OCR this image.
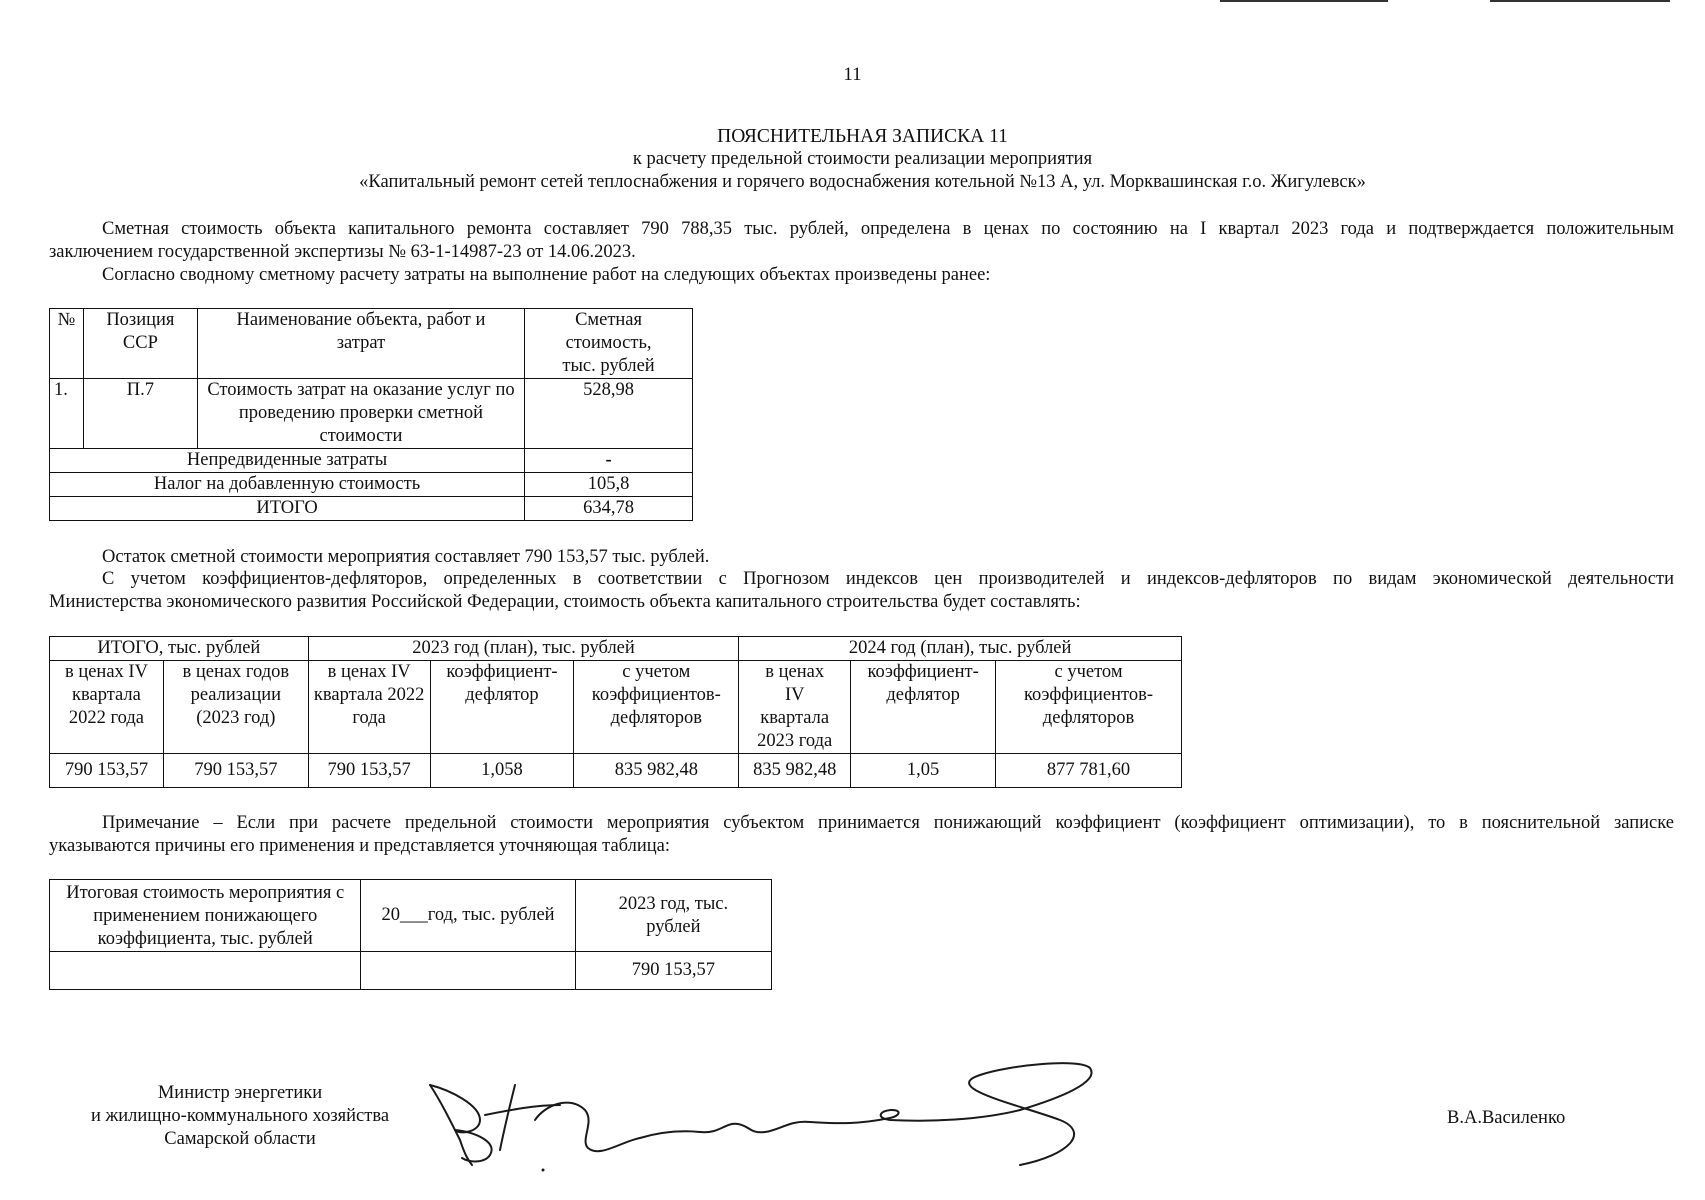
11
ПОЯСНИТЕЛЬНАЯ ЗАПИСКА 11
к расчету предельной стоимости реализации мероприятия
«Капитальный ремонт сетей теплоснабжения и горячего водоснабжения котельной №13 А, ул. Морквашинская г.о. Жигулевск»
Сметная стоимость объекта капитального ремонта составляет 790 788,35 тыс. рублей, определена в ценах по состоянию на I квартал 2023 года и подтверждается положительным
заключением государственной экспертизы № 63-1-14987-23 от 14.06.2023.
Согласно сводному сметному расчету затраты на выполнение работ на следующих объектах произведены ранее:
№	Позиция ССР	Наименование объекта, работ и затрат	Сметная стоимость, тыс. рублей
1.	П.7	Стоимость затрат на оказание услуг по проведению проверки сметной стоимости	528,98
Непредвиденные затраты			-
Налог на добавленную стоимость			105,8
ИТОГО			634,78
Остаток сметной стоимости мероприятия составляет 790 153,57 тыс. рублей.
С учетом коэффициентов-дефляторов, определенных в соответствии с Прогнозом индексов цен производителей и индексов-дефляторов по видам экономической деятельности
Министерства экономического развития Российской Федерации, стоимость объекта капитального строительства будет составлять:
ИТОГО, тыс. рублей		2023 год (план), тыс. рублей			2024 год (план), тыс. рублей		
в ценах IV квартала 2022 года	в ценах годов реализации (2023 год)	в ценах IV квартала 2022 года	коэффициент-дефлятор	с учетом коэффициентов-дефляторов	в ценах IV квартала 2023 года	коэффициент-дефлятор	с учетом коэффициентов-дефляторов
790 153,57	790 153,57	790 153,57	1,058	835 982,48	835 982,48	1,05	877 781,60
Примечание – Если при расчете предельной стоимости мероприятия субъектом принимается понижающий коэффициент (коэффициент оптимизации), то в пояснительной записке
указываются причины его применения и представляется уточняющая таблица:
Итоговая стоимость мероприятия с применением понижающего коэффициента, тыс. рублей	20___год, тыс. рублей	2023 год, тыс. рублей
		790 153,57
Министр энергетики
и жилищно-коммунального хозяйства
Самарской области
В.А.Василенко
